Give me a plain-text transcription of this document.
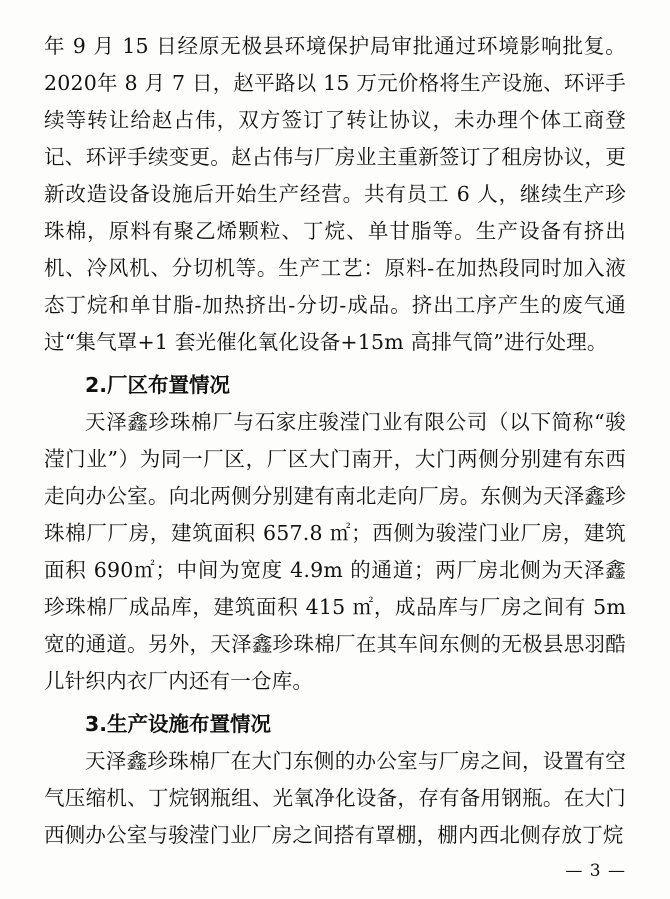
年 9 月 15 日经原无极县环境保护局审批通过环境影响批复。2020年 8 月 7 日，赵平路以 15 万元价格将生产设施、环评手续等转让给赵占伟，双方签订了转让协议，未办理个体工商登记、环评手续变更。赵占伟与厂房业主重新签订了租房协议，更新改造设备设施后开始生产经营。共有员工 6 人，继续生产珍珠棉，原料有聚乙烯颗粒、丁烷、单甘脂等。生产设备有挤出机、冷风机、分切机等。生产工艺：原料-在加热段同时加入液态丁烷和单甘脂-加热挤出-分切-成品。挤出工序产生的废气通过“集气罩+1 套光催化氧化设备+15m 高排气筒”进行处理。

2.厂区布置情况

天泽鑫珍珠棉厂与石家庄骏滢门业有限公司（以下简称“骏滢门业”）为同一厂区，厂区大门南开，大门两侧分别建有东西走向办公室。向北两侧分别建有南北走向厂房。东侧为天泽鑫珍珠棉厂厂房，建筑面积 657.8 ㎡；西侧为骏滢门业厂房，建筑面积 690㎡；中间为宽度 4.9m 的通道；两厂房北侧为天泽鑫珍珠棉厂成品库，建筑面积 415 ㎡，成品库与厂房之间有 5m 宽的通道。另外，天泽鑫珍珠棉厂在其车间东侧的无极县思羽酷儿针织内衣厂内还有一仓库。

3.生产设施布置情况

天泽鑫珍珠棉厂在大门东侧的办公室与厂房之间，设置有空气压缩机、丁烷钢瓶组、光氧净化设备，存有备用钢瓶。在大门西侧办公室与骏滢门业厂房之间搭有罩棚，棚内西北侧存放丁烷

— 3 —
